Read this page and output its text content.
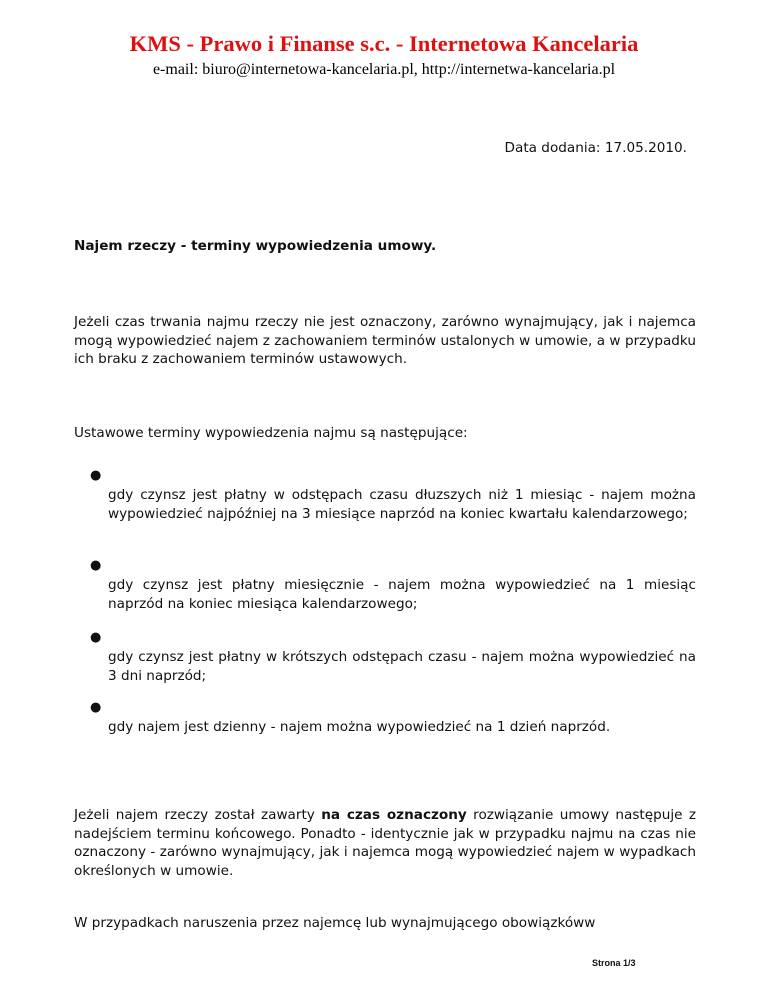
KMS - Prawo i Finanse s.c. - Internetowa Kancelaria
e-mail: biuro@internetowa-kancelaria.pl, http://internetwa-kancelaria.pl
Data dodania: 17.05.2010.
Najem rzeczy - terminy wypowiedzenia umowy.

Jeżeli czas trwania najmu rzeczy nie jest oznaczony, zarówno wynajmujący, jak i najemca mogą wypowiedzieć najem z zachowaniem terminów ustalonych w umowie, a w przypadku ich braku z zachowaniem terminów ustawowych.

Ustawowe terminy wypowiedzenia najmu są następujące:

●
gdy czynsz jest płatny w odstępach czasu dłuzszych niż 1 miesiąc - najem można wypowiedzieć najpóźniej na 3 miesiące naprzód na koniec kwartału kalendarzowego;
●
gdy czynsz jest płatny miesięcznie - najem można wypowiedzieć na 1 miesiąc naprzód na koniec miesiąca kalendarzowego;
●
gdy czynsz jest płatny w krótszych odstępach czasu - najem można wypowiedzieć na 3 dni naprzód;
●
gdy najem jest dzienny - najem można wypowiedzieć na 1 dzień naprzód.

Jeżeli najem rzeczy został zawarty na czas oznaczony rozwiązanie umowy następuje z nadejściem terminu końcowego. Ponadto - identycznie jak w przypadku najmu na czas nie oznaczony - zarówno wynajmujący, jak i najemca mogą wypowiedzieć najem w wypadkach określonych w umowie.

W przypadkach naruszenia przez najemcę lub wynajmującego obowiązkóww

Strona 1/3
